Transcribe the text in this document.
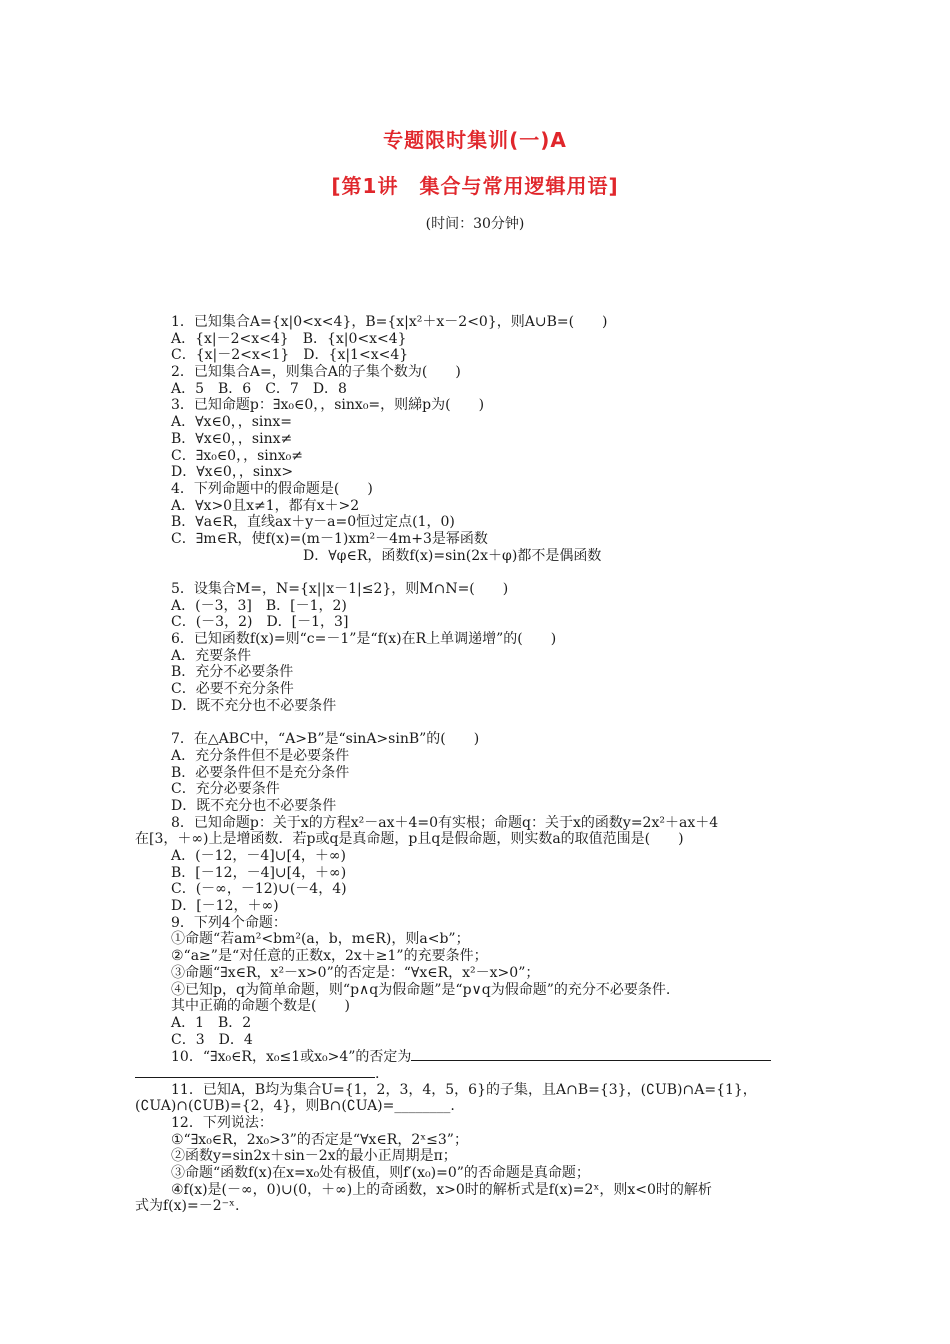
专题限时集训(一)A
[第1讲　集合与常用逻辑用语]
(时间：30分钟)
1．已知集合A={x|0<x<4}，B={x|x²＋x－2<0}，则A∪B=(　　)
A．{x|－2<x<4}　B．{x|0<x<4}
C．{x|－2<x<1}　D．{x|1<x<4}
2．已知集合A=，则集合A的子集个数为(　　)
A．5　B．6　C．7　D．8
3．已知命题p：∃x₀∈0，，sinx₀=，则綈p为(　　)
A．∀x∈0，，sinx=
B．∀x∈0，，sinx≠
C．∃x₀∈0，，sinx₀≠
D．∀x∈0，，sinx>
4．下列命题中的假命题是(　　)
A．∀x>0且x≠1，都有x＋>2
B．∀a∈R，直线ax＋y－a=0恒过定点(1，0)
C．∃m∈R，使f(x)=(m－1)xm²－4m+3是幂函数
D．∀φ∈R，函数f(x)=sin(2x＋φ)都不是偶函数
5．设集合M=，N={x||x－1|≤2}，则M∩N=(　　)
A．(－3，3]　B．[－1，2)
C．(－3，2)　D．[－1，3]
6．已知函数f(x)=则“c=－1”是“f(x)在R上单调递增”的(　　)
A．充要条件
B．充分不必要条件
C．必要不充分条件
D．既不充分也不必要条件
7．在△ABC中，“A>B”是“sinA>sinB”的(　　)
A．充分条件但不是必要条件
B．必要条件但不是充分条件
C．充分必要条件
D．既不充分也不必要条件
8．已知命题p：关于x的方程x²－ax＋4=0有实根；命题q：关于x的函数y=2x²＋ax＋4
在[3，＋∞)上是增函数．若p或q是真命题，p且q是假命题，则实数a的取值范围是(　　)
A．(－12，－4]∪[4，＋∞)
B．[－12，－4]∪[4，＋∞)
C．(－∞，－12)∪(－4，4)
D．[－12，＋∞)
9．下列4个命题：
①命题“若am²<bm²(a，b，m∈R)，则a<b”；
②“a≥”是“对任意的正数x，2x＋≥1”的充要条件；
③命题“∃x∈R，x²－x>0”的否定是：“∀x∈R，x²－x>0”；
④已知p，q为简单命题，则“p∧q为假命题”是“p∨q为假命题”的充分不必要条件.
其中正确的命题个数是(　　)
A．1　B．2
C．3　D．4
10．“∃x₀∈R，x₀≤1或x₀>4”的否定为
.
11．已知A，B均为集合U={1，2，3，4，5，6}的子集，且A∩B={3}，(∁UB)∩A={1}，
(∁UA)∩(∁UB)={2，4}，则B∩(∁UA)=________.
12．下列说法：
①“∃x₀∈R，2x₀>3”的否定是“∀x∈R，2ˣ≤3”；
②函数y=sin2x＋sin－2x的最小正周期是π；
③命题“函数f(x)在x=x₀处有极值，则f′(x₀)=0”的否命题是真命题；
④f(x)是(－∞，0)∪(0，＋∞)上的奇函数，x>0时的解析式是f(x)=2ˣ，则x<0时的解析
式为f(x)=－2⁻ˣ.
